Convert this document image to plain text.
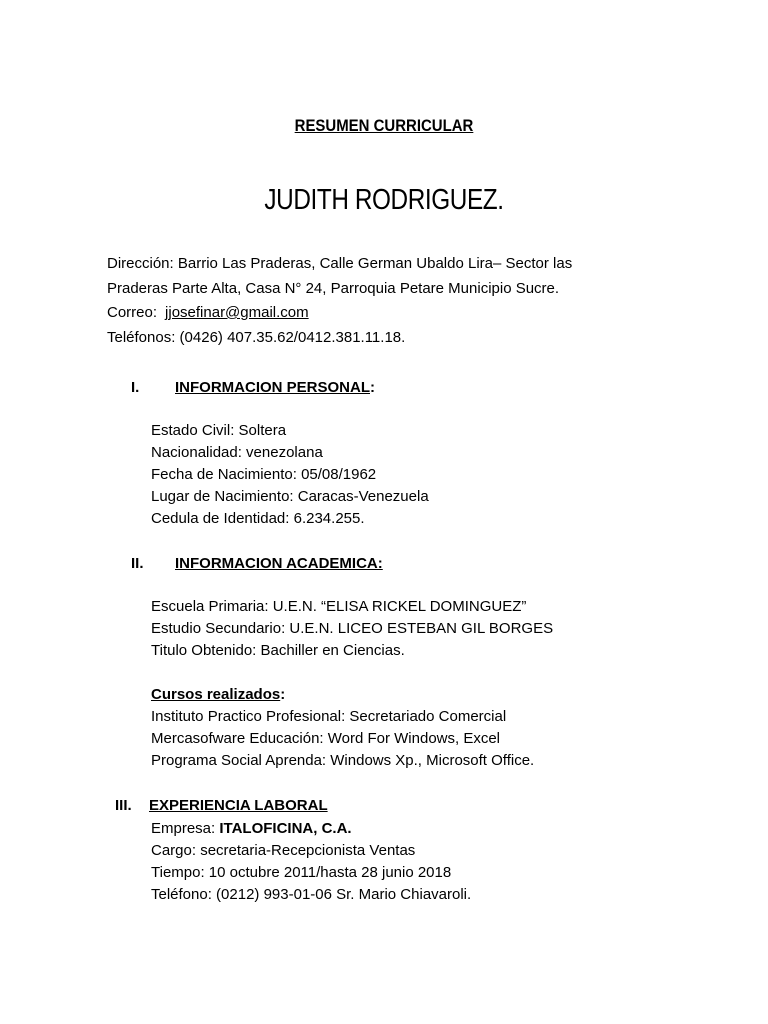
RESUMEN CURRICULAR
JUDITH RODRIGUEZ.
Dirección: Barrio Las Praderas, Calle German Ubaldo Lira– Sector las
Praderas Parte Alta, Casa N° 24, Parroquia Petare Municipio Sucre.
Correo: jjosefinar@gmail.com
Teléfonos: (0426) 407.35.62/0412.381.11.18.
I. INFORMACION PERSONAL:
Estado Civil: Soltera
Nacionalidad: venezolana
Fecha de Nacimiento: 05/08/1962
Lugar de Nacimiento: Caracas-Venezuela
Cedula de Identidad: 6.234.255.
II. INFORMACION ACADEMICA:
Escuela Primaria: U.E.N. “ELISA RICKEL DOMINGUEZ”
Estudio Secundario: U.E.N. LICEO ESTEBAN GIL BORGES
Titulo Obtenido: Bachiller en Ciencias.
Cursos realizados:
Instituto Practico Profesional: Secretariado Comercial
Mercasofware Educación: Word For Windows, Excel
Programa Social Aprenda: Windows Xp., Microsoft Office.
III. EXPERIENCIA LABORAL
Empresa: ITALOFICINA, C.A.
Cargo: secretaria-Recepcionista Ventas
Tiempo: 10 octubre 2011/hasta 28 junio 2018
Teléfono: (0212) 993-01-06 Sr. Mario Chiavaroli.
